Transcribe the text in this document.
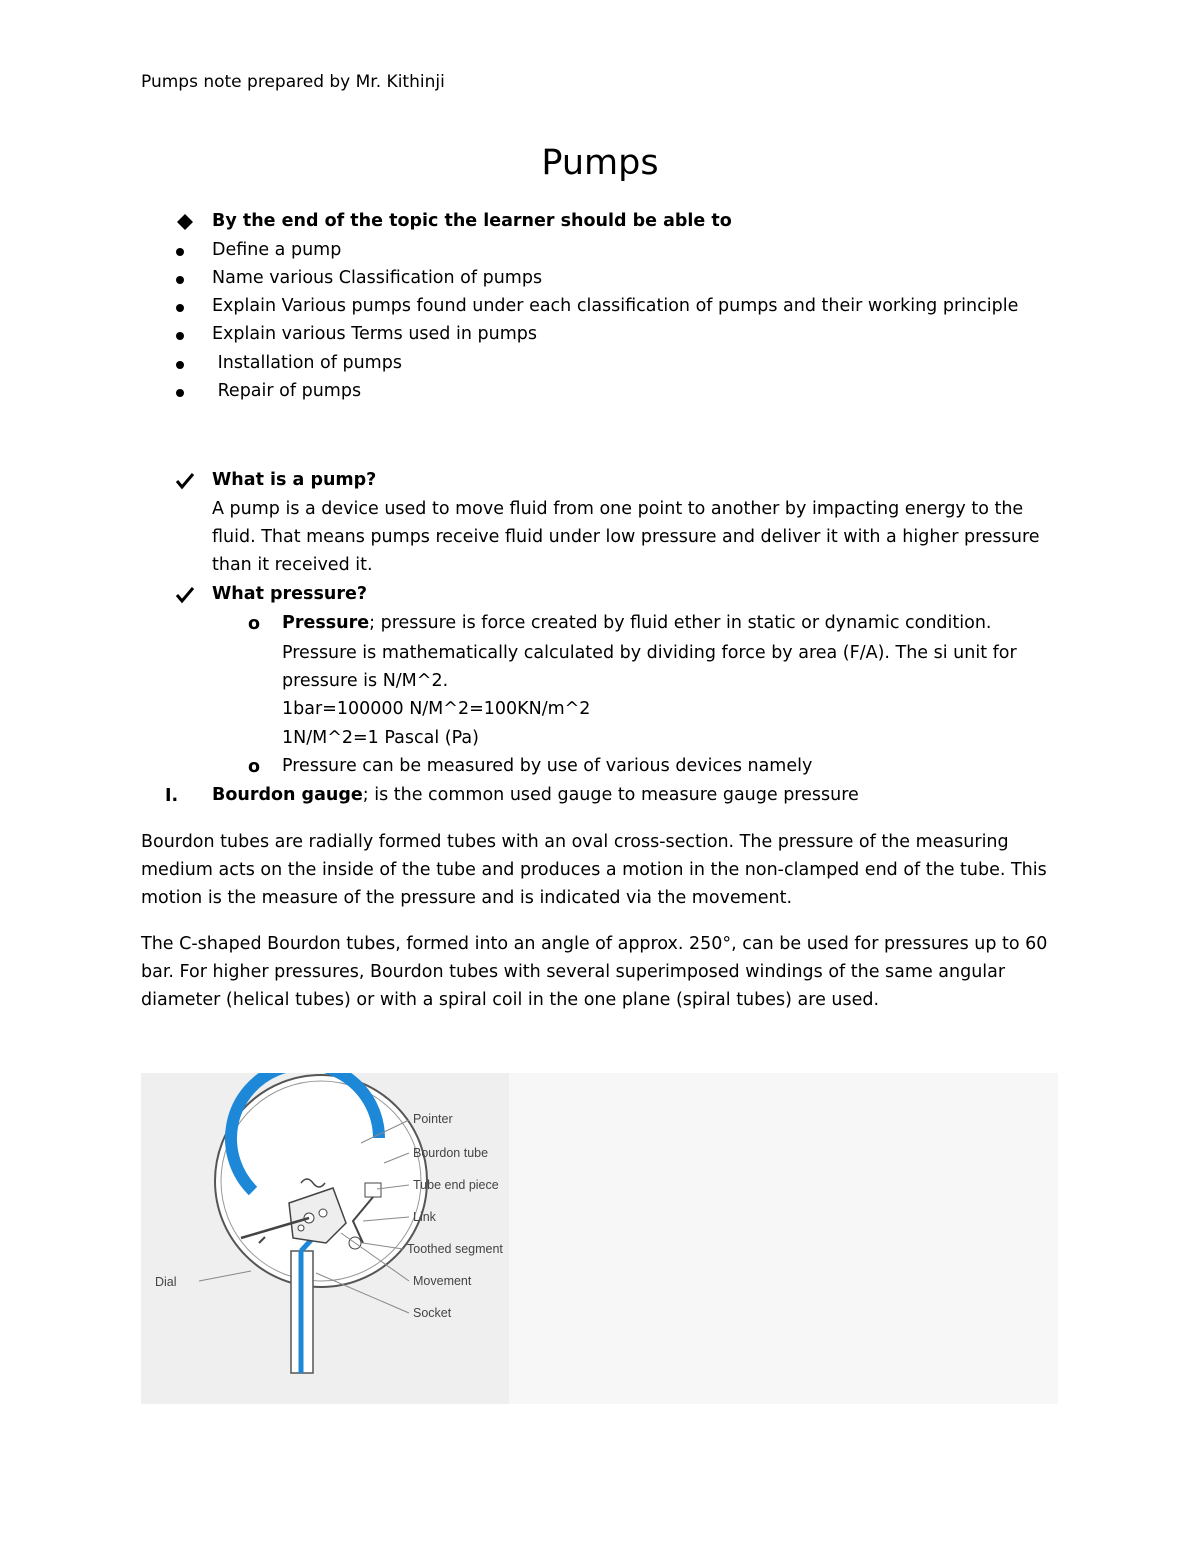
Pumps note prepared by Mr. Kithinji
Pumps
By the end of the topic the learner should be able to
Define a pump
Name various Classification of pumps
Explain Various pumps found under each classification of pumps and their working principle
Explain various Terms used in pumps
Installation of pumps
Repair of pumps
What is a pump?
A pump is a device used to move fluid from one point to another by impacting energy to the
fluid. That means pumps receive fluid under low pressure and deliver it with a higher pressure
than it received it.
What pressure?
o Pressure; pressure is force created by fluid ether in static or dynamic condition.
Pressure is mathematically calculated by dividing force by area (F/A). The si unit for
pressure is N/M^2.
1bar=100000 N/M^2=100KN/m^2
1N/M^2=1 Pascal (Pa)
o Pressure can be measured by use of various devices namely
I. Bourdon gauge; is the common used gauge to measure gauge pressure
Bourdon tubes are radially formed tubes with an oval cross-section. The pressure of the measuring medium acts on the inside of the tube and produces a motion in the non-clamped end of the tube. This motion is the measure of the pressure and is indicated via the movement.
The C-shaped Bourdon tubes, formed into an angle of approx. 250°, can be used for pressures up to 60 bar. For higher pressures, Bourdon tubes with several superimposed windings of the same angular diameter (helical tubes) or with a spiral coil in the one plane (spiral tubes) are used.
Pointer
Bourdon tube
Tube end piece
Link
Toothed segment
Movement
Socket
Dial
